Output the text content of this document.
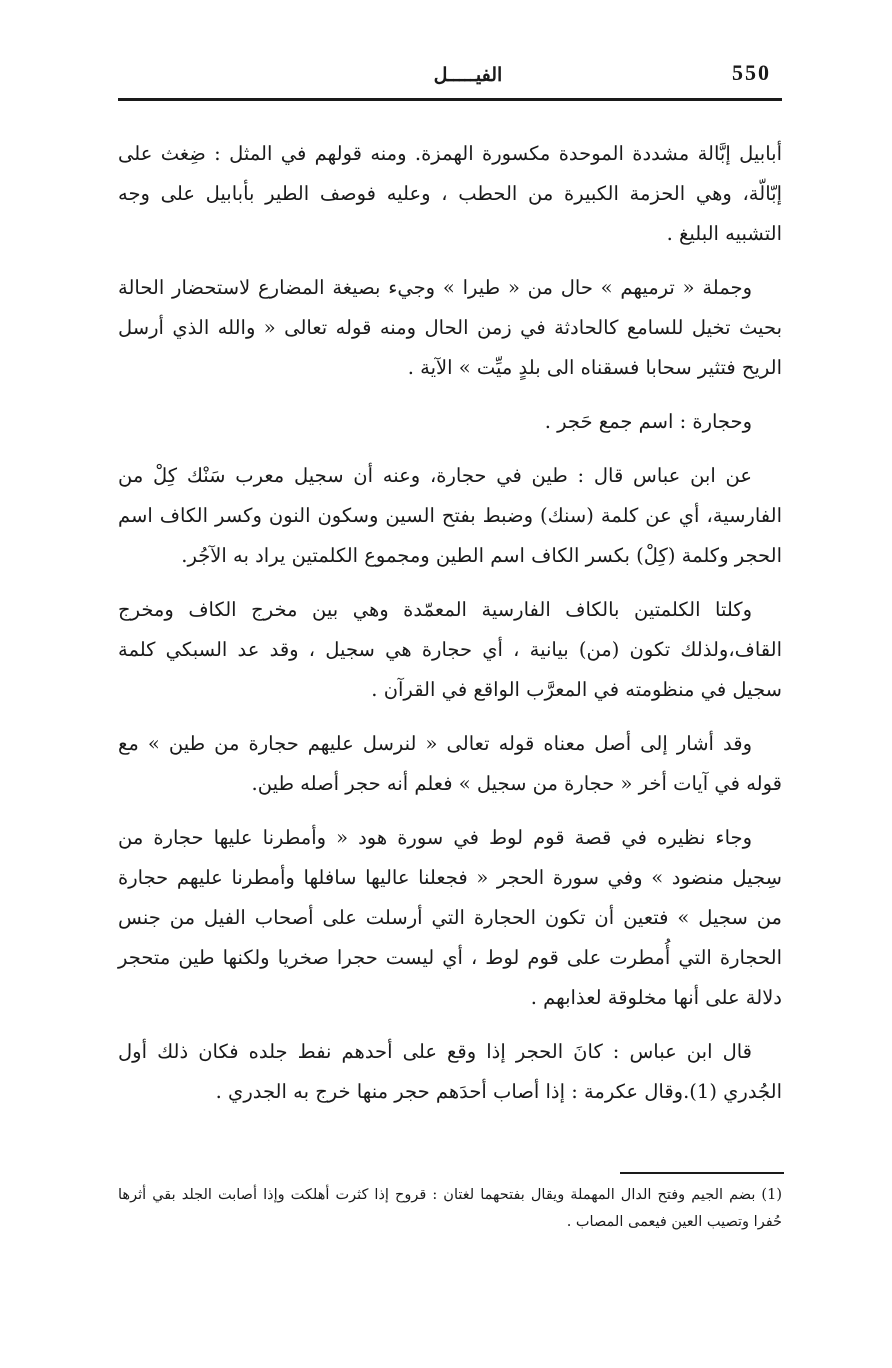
550
الفيـــــل

أبابيل إبَّالة مشددة الموحدة مكسورة الهمزة. ومنه قولهم في المثل : ضِغث على إبّالّة، وهي الحزمة الكبيرة من الحطب ، وعليه فوصف الطير بأبابيل على وجه التشبيه البليغ .

وجملة « ترميهم » حال من « طيرا » وجيء بصيغة المضارع لاستحضار الحالة بحيث تخيل للسامع كالحادثة في زمن الحال ومنه قوله تعالى « والله الذي أرسل الريح فتثير سحابا فسقناه الى بلدٍ ميِّت » الآية .

وحجارة : اسم جمع حَجر .

عن ابن عباس قال : طين في حجارة، وعنه أن سجيل معرب سَنْك كِلْ من الفارسية، أي عن كلمة (سنك) وضبط بفتح السين وسكون النون وكسر الكاف اسم الحجر وكلمة (كِلْ) بكسر الكاف اسم الطين ومجموع الكلمتين يراد به الآجُر.

وكلتا الكلمتين بالكاف الفارسية المعمّدة وهي بين مخرج الكاف ومخرج القاف،ولذلك تكون (من) بيانية ، أي حجارة هي سجيل ، وقد عد السبكي كلمة سجيل في منظومته في المعرَّب الواقع في القرآن .

وقد أشار إلى أصل معناه قوله تعالى « لنرسل عليهم حجارة من طين » مع قوله في آيات أخر « حجارة من سجيل » فعلم أنه حجر أصله طين.

وجاء نظيره في قصة قوم لوط في سورة هود « وأمطرنا عليها حجارة من سِجيل منضود » وفي سورة الحجر « فجعلنا عاليها سافلها وأمطرنا عليهم حجارة من سجيل » فتعين أن تكون الحجارة التي أرسلت على أصحاب الفيل من جنس الحجارة التي أُمطرت على قوم لوط ، أي ليست حجرا صخريا ولكنها طين متحجر دلالة على أنها مخلوقة لعذابهم .

قال ابن عباس : كانَ الحجر إذا وقع على أحدهم نفط جلده فكان ذلك أول الجُدري (1).وقال عكرمة : إذا أصاب أحدَهم حجر منها خرج به الجدري .

(1) بضم الجيم وفتح الدال المهملة ويقال بفتحهما لغتان : قروح إذا كثرت أهلكت وإذا أصابت الجلد بقي أثرها حُفرا وتصيب العين فيعمى المصاب .
